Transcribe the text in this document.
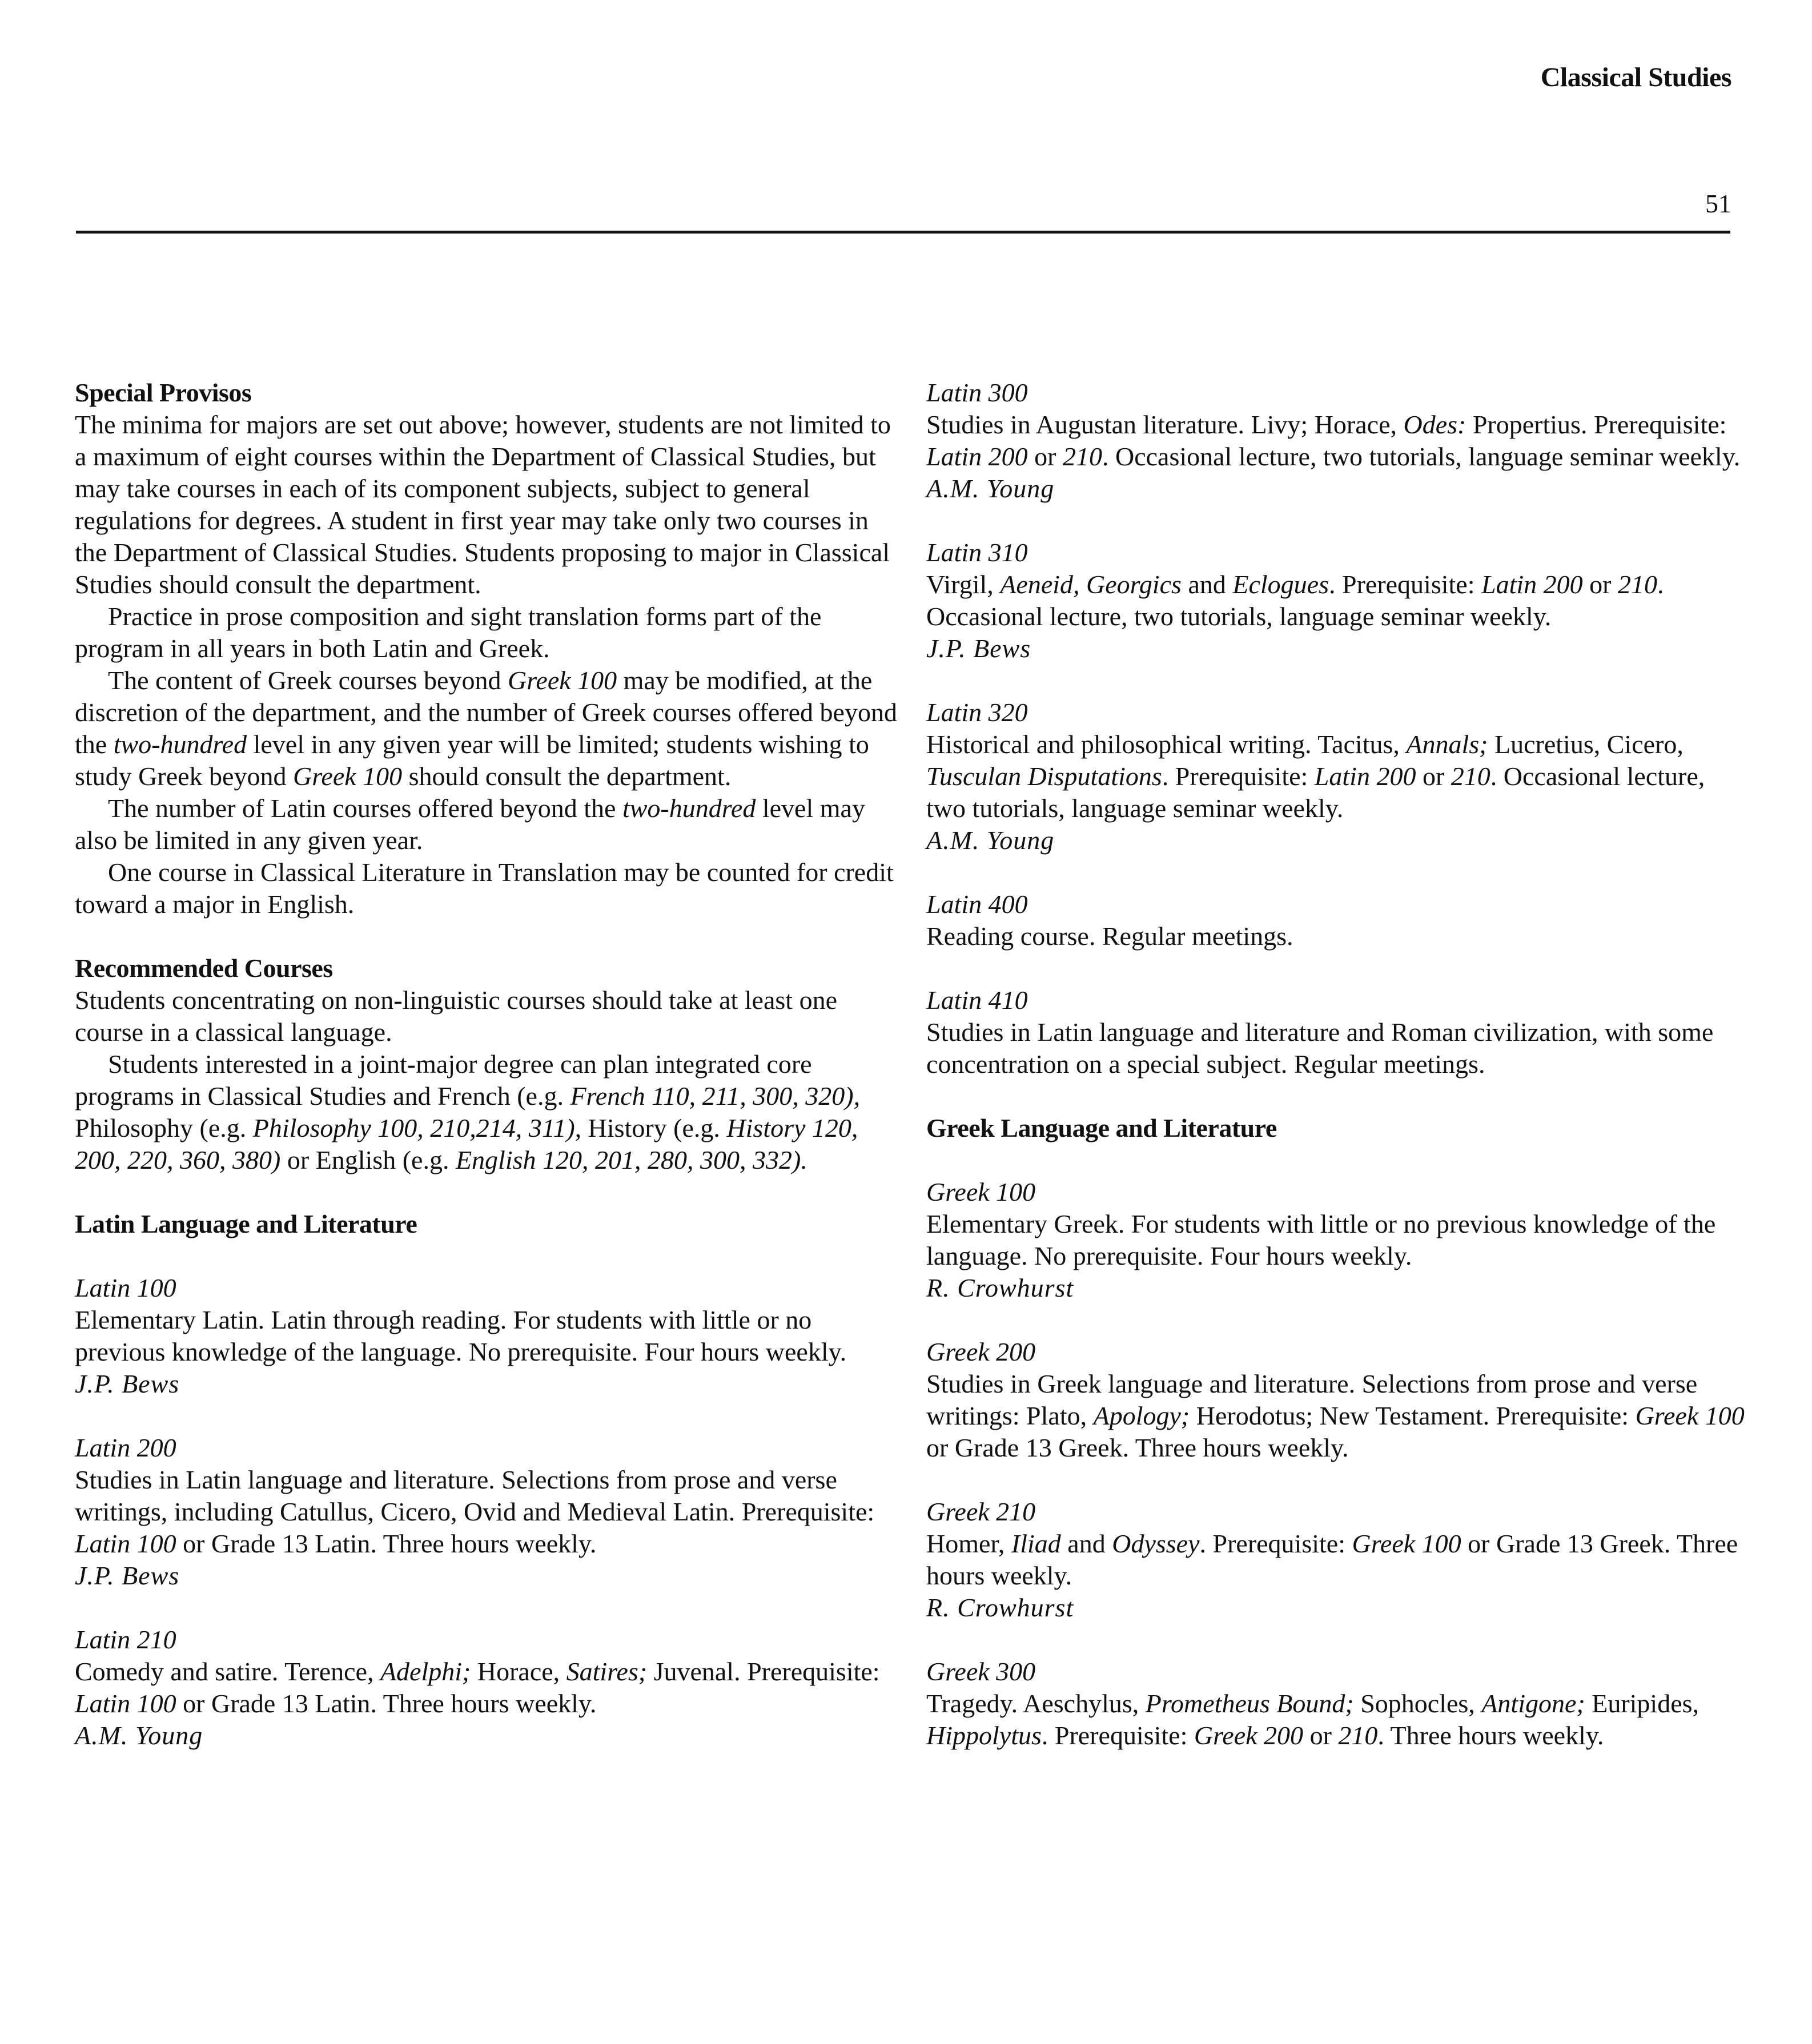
Classical Studies
51

Special Provisos

The minima for majors are set out above; however, students are not limited to a maximum of eight courses within the Department of Classical Studies, but may take courses in each of its component subjects, subject to general regulations for degrees. A student in first year may take only two courses in the Department of Classical Studies. Students proposing to major in Classical Studies should consult the department.

Practice in prose composition and sight translation forms part of the program in all years in both Latin and Greek.

The content of Greek courses beyond Greek 100 may be modified, at the discretion of the department, and the number of Greek courses offered beyond the two-hundred level in any given year will be limited; students wishing to study Greek beyond Greek 100 should consult the department.

The number of Latin courses offered beyond the two-hundred level may also be limited in any given year.

One course in Classical Literature in Translation may be counted for credit toward a major in English.

Recommended Courses

Students concentrating on non-linguistic courses should take at least one course in a classical language.

Students interested in a joint-major degree can plan integrated core programs in Classical Studies and French (e.g. French 110, 211, 300, 320), Philosophy (e.g. Philosophy 100, 210,214, 311), History (e.g. History 120, 200, 220, 360, 380) or English (e.g. English 120, 201, 280, 300, 332).

Latin Language and Literature

Latin 100

Elementary Latin. Latin through reading. For students with little or no previous knowledge of the language. No prerequisite. Four hours weekly.

J.P. Bews

Latin 200

Studies in Latin language and literature. Selections from prose and verse writings, including Catullus, Cicero, Ovid and Medieval Latin. Prerequisite: Latin 100 or Grade 13 Latin. Three hours weekly.

J.P. Bews

Latin 210

Comedy and satire. Terence, Adelphi; Horace, Satires; Juvenal. Prerequisite: Latin 100 or Grade 13 Latin. Three hours weekly.

A.M. Young

Latin 300

Studies in Augustan literature. Livy; Horace, Odes: Propertius. Prerequisite: Latin 200 or 210. Occasional lecture, two tutorials, language seminar weekly.

A.M. Young

Latin 310

Virgil, Aeneid, Georgics and Eclogues. Prerequisite: Latin 200 or 210. Occasional lecture, two tutorials, language seminar weekly.

J.P. Bews

Latin 320

Historical and philosophical writing. Tacitus, Annals; Lucretius, Cicero, Tusculan Disputations. Prerequisite: Latin 200 or 210. Occasional lecture, two tutorials, language seminar weekly.

A.M. Young

Latin 400

Reading course. Regular meetings.

Latin 410

Studies in Latin language and literature and Roman civilization, with some concentration on a special subject. Regular meetings.

Greek Language and Literature

Greek 100

Elementary Greek. For students with little or no previous knowledge of the language. No prerequisite. Four hours weekly.

R. Crowhurst

Greek 200

Studies in Greek language and literature. Selections from prose and verse writings: Plato, Apology; Herodotus; New Testament. Prerequisite: Greek 100 or Grade 13 Greek. Three hours weekly.

Greek 210

Homer, Iliad and Odyssey. Prerequisite: Greek 100 or Grade 13 Greek. Three hours weekly.

R. Crowhurst

Greek 300

Tragedy. Aeschylus, Prometheus Bound; Sophocles, Antigone; Euripides, Hippolytus. Prerequisite: Greek 200 or 210. Three hours weekly.
